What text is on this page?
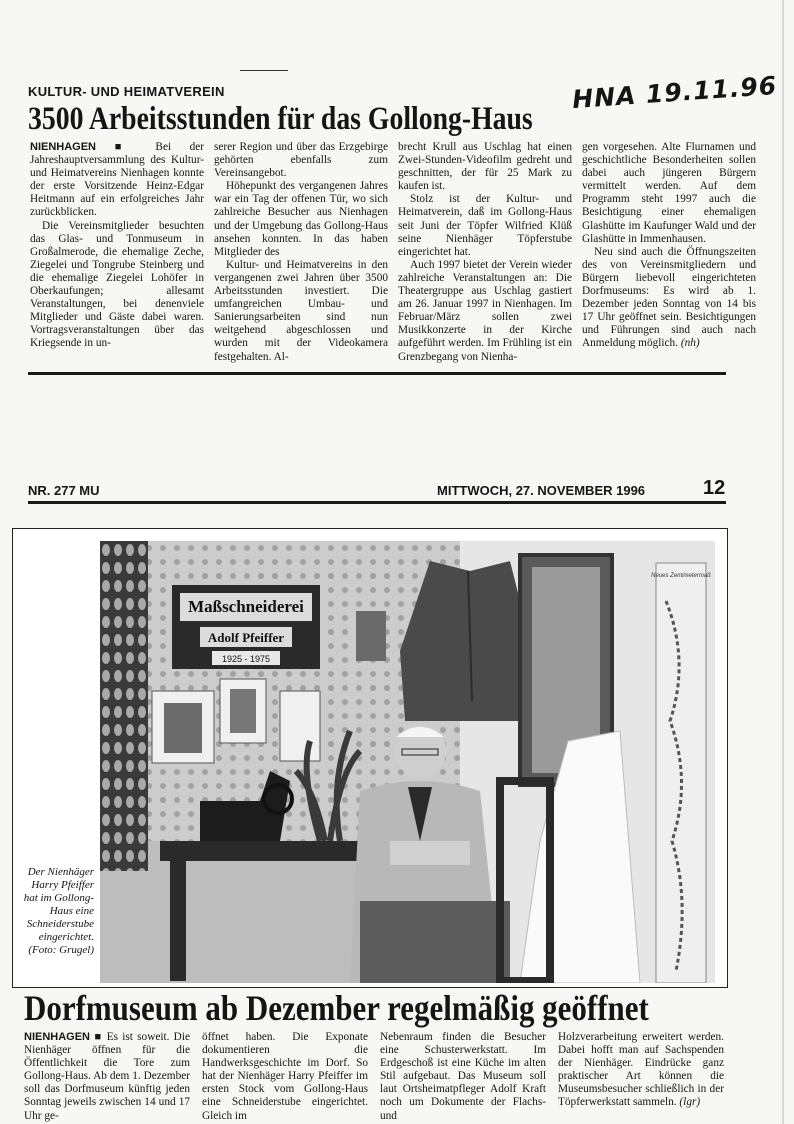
KULTUR- UND HEIMATVEREIN	HNA 19.11.96
3500 Arbeitsstunden für das Gollong-Haus

NIENHAGEN ■ Bei der Jahreshauptversammlung des Kultur- und Heimatvereins Nienhagen konnte der erste Vorsitzende Heinz-Edgar Heitmann auf ein erfolgreiches Jahr zurückblicken.

Die Vereinsmitglieder besuchten das Glas- und Tonmuseum in Großalmerode, die ehemalige Zeche, Ziegelei und Tongrube Steinberg und die ehemalige Ziegelei Lohöfer in Oberkaufungen; allesamt Veranstaltungen, bei denenviele Mitglieder und Gäste dabei waren. Vortragsveranstaltungen über das Kriegsende in un-

serer Region und über das Erzgebirge gehörten ebenfalls zum Vereinsangebot.

Höhepunkt des vergangenen Jahres war ein Tag der offenen Tür, wo sich zahlreiche Besucher aus Nienhagen und der Umgebung das Gollong-Haus ansehen konnten. In das haben Mitglieder des

Kultur- und Heimatvereins in den vergangenen zwei Jahren über 3500 Arbeitsstunden investiert. Die umfangreichen Umbau- und Sanierungsarbeiten sind nun weitgehend abgeschlossen und wurden mit der Videokamera festgehalten. Al-

brecht Krull aus Uschlag hat einen Zwei-Stunden-Videofilm gedreht und geschnitten, der für 25 Mark zu kaufen ist.

Stolz ist der Kultur- und Heimatverein, daß im Gollong-Haus seit Juni der Töpfer Wilfried Klüß seine Nienhäger Töpferstube eingerichtet hat.

Auch 1997 bietet der Verein wieder zahlreiche Veranstaltungen an: Die Theatergruppe aus Uschlag gastiert am 26. Januar 1997 in Nienhagen. Im Februar/März sollen zwei Musikkonzerte in der Kirche aufgeführt werden. Im Frühling ist ein Grenzbegang von Nienha-

gen vorgesehen. Alte Flurnamen und geschichtliche Besonderheiten sollen dabei auch jüngeren Bürgern vermittelt werden. Auf dem Programm steht 1997 auch die Besichtigung einer ehemaligen Glashütte im Kaufunger Wald und der Glashütte in Immenhausen.

Neu sind auch die Öffnungszeiten des von Vereinsmitgliedern und Bürgern liebevoll eingerichteten Dorfmuseums: Es wird ab 1. Dezember jeden Sonntag von 14 bis 17 Uhr geöffnet sein. Besichtigungen und Führungen sind auch nach Anmeldung möglich. (nh)

NR. 277 MU	MITTWOCH, 27. NOVEMBER 1996	12
Maßschneiderei
Adolf Pfeiffer
1925 - 1975
Neues Zentimetermaß
Der Nienhäger Harry Pfeiffer hat im Gollong-Haus eine Schneiderstube eingerichtet.
(Foto: Grugel)
Dorfmuseum ab Dezember regelmäßig geöffnet

NIENHAGEN ■ Es ist soweit. Die Nienhäger öffnen für die Öffentlichkeit die Tore zum Gollong-Haus. Ab dem 1. Dezember soll das Dorfmuseum künftig jeden Sonntag jeweils zwischen 14 und 17 Uhr ge-

öffnet haben. Die Exponate dokumentieren die Handwerksgeschichte im Dorf. So hat der Nienhäger Harry Pfeiffer im ersten Stock vom Gollong-Haus eine Schneiderstube eingerichtet. Gleich im

Nebenraum finden die Besucher eine Schusterwerkstatt. Im Erdgeschoß ist eine Küche im alten Stil aufgebaut. Das Museum soll laut Ortsheimatpfleger Adolf Kraft noch um Dokumente der Flachs- und

Holzverarbeitung erweitert werden. Dabei hofft man auf Sachspenden der Nienhäger. Eindrücke ganz praktischer Art können die Museumsbesucher schließlich in der Töpferwerkstatt sammeln. (lgr)
